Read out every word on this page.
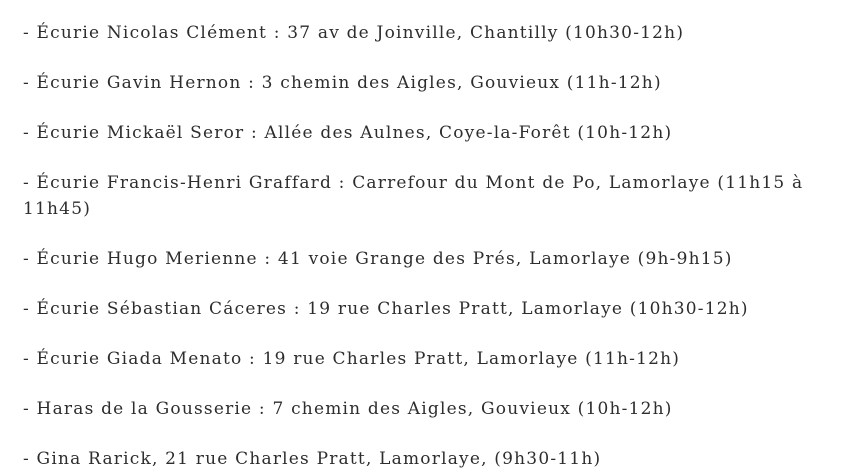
- Écurie Nicolas Clément : 37 av de Joinville, Chantilly (10h30-12h)

- Écurie Gavin Hernon : 3 chemin des Aigles, Gouvieux (11h-12h)

- Écurie Mickaël Seror : Allée des Aulnes, Coye-la-Forêt (10h-12h)

- Écurie Francis-Henri Graffard : Carrefour du Mont de Po, Lamorlaye (11h15 à 11h45)

- Écurie Hugo Merienne : 41 voie Grange des Prés, Lamorlaye (9h-9h15)

- Écurie Sébastian Cáceres : 19 rue Charles Pratt, Lamorlaye (10h30-12h)

- Écurie Giada Menato : 19 rue Charles Pratt, Lamorlaye (11h-12h)

- Haras de la Gousserie : 7 chemin des Aigles, Gouvieux (10h-12h)

- Gina Rarick, 21 rue Charles Pratt, Lamorlaye, (9h30-11h)
